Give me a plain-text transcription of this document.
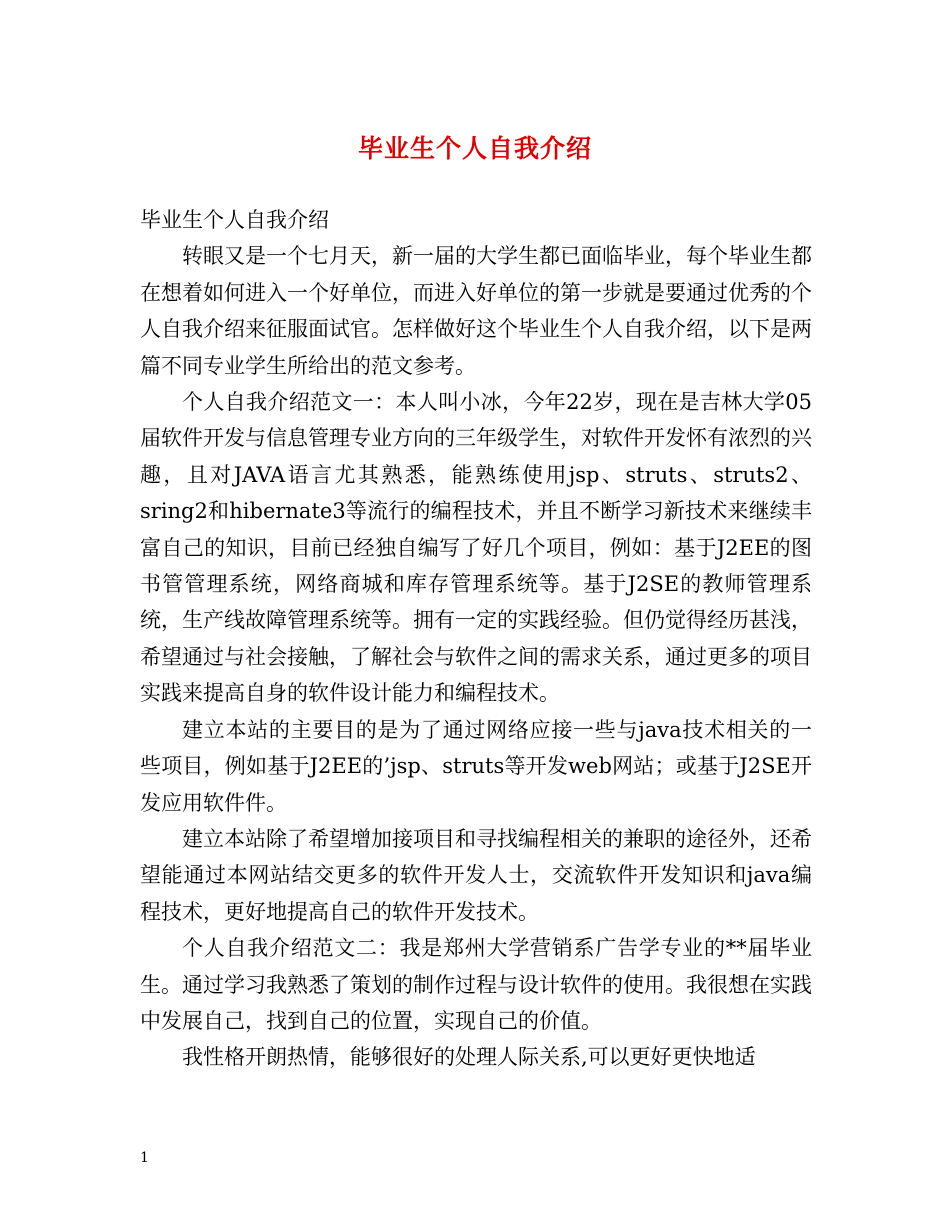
毕业生个人自我介绍

毕业生个人自我介绍

转眼又是一个七月天，新一届的大学生都已面临毕业，每个毕业生都在想着如何进入一个好单位，而进入好单位的第一步就是要通过优秀的个人自我介绍来征服面试官。怎样做好这个毕业生个人自我介绍，以下是两篇不同专业学生所给出的范文参考。

个人自我介绍范文一：本人叫小冰，今年22岁，现在是吉林大学05届软件开发与信息管理专业方向的三年级学生，对软件开发怀有浓烈的兴趣，且对JAVA语言尤其熟悉，能熟练使用jsp、struts、struts2、sring2和hibernate3等流行的编程技术，并且不断学习新技术来继续丰富自己的知识，目前已经独自编写了好几个项目，例如：基于J2EE的图书管管理系统，网络商城和库存管理系统等。基于J2SE的教师管理系统，生产线故障管理系统等。拥有一定的实践经验。但仍觉得经历甚浅，希望通过与社会接触，了解社会与软件之间的需求关系，通过更多的项目实践来提高自身的软件设计能力和编程技术。

建立本站的主要目的是为了通过网络应接一些与java技术相关的一些项目，例如基于J2EE的’jsp、struts等开发web网站；或基于J2SE开发应用软件件。

建立本站除了希望增加接项目和寻找编程相关的兼职的途径外，还希望能通过本网站结交更多的软件开发人士，交流软件开发知识和java编程技术，更好地提高自己的软件开发技术。

个人自我介绍范文二：我是郑州大学营销系广告学专业的**届毕业生。通过学习我熟悉了策划的制作过程与设计软件的使用。我很想在实践中发展自己，找到自己的位置，实现自己的价值。

我性格开朗热情，能够很好的处理人际关系,可以更好更快地适

1
